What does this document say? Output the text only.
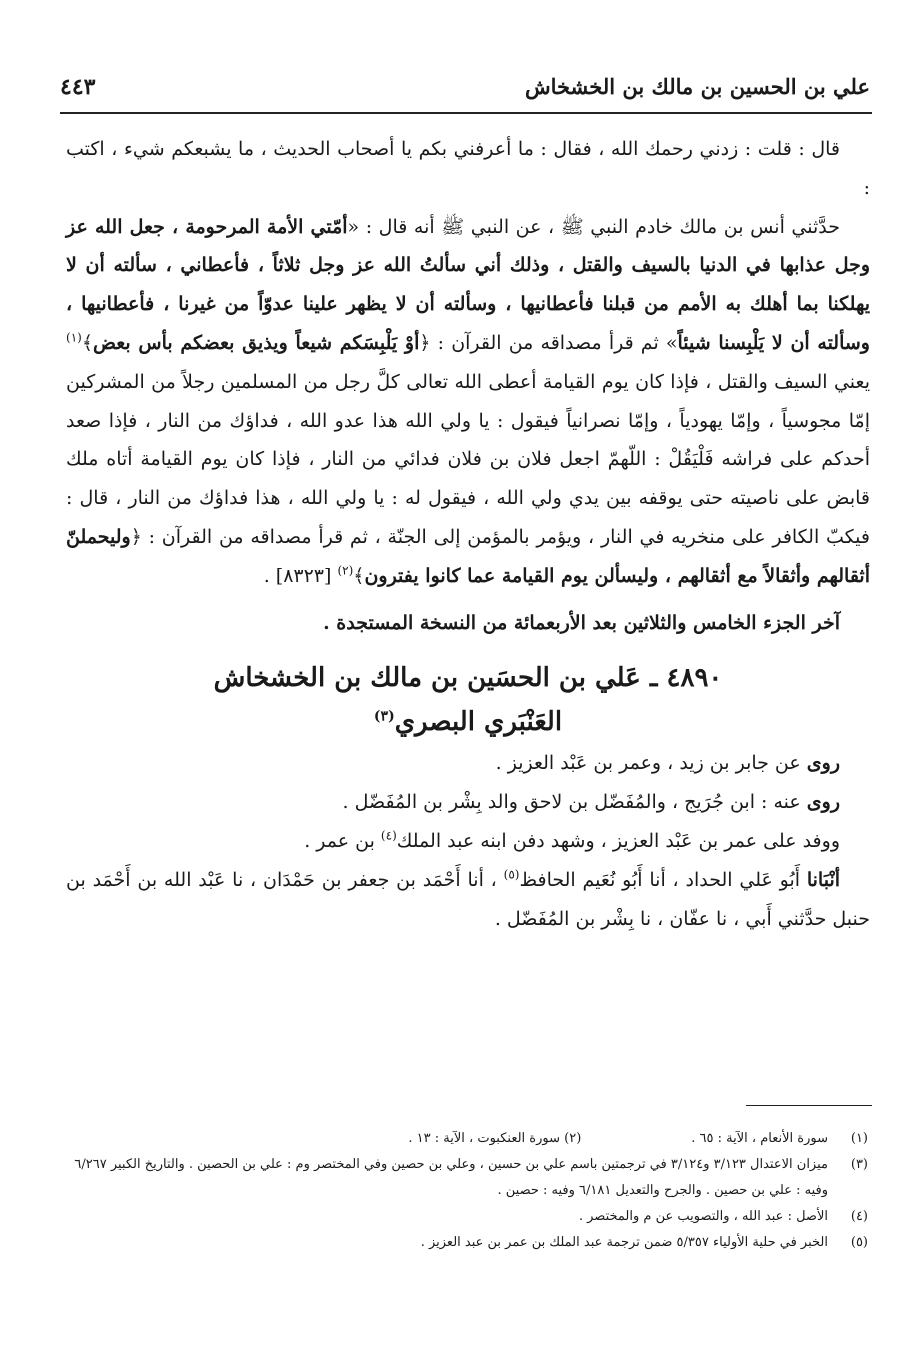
علي بن الحسين بن مالك بن الخشخاش
٤٤٣

قال : قلت : زدني رحمك الله ، فقال : ما أعرفني بكم يا أصحاب الحديث ، ما يشبعكم شيء ، اكتب :

حدَّثني أنس بن مالك خادم النبي ﷺ ، عن النبي ﷺ أنه قال : «أمّتي الأمة المرحومة ، جعل الله عز وجل عذابها في الدنيا بالسيف والقتل ، وذلك أني سألتُ الله عز وجل ثلاثاً ، فأعطاني ، سألته أن لا يهلكنا بما أهلك به الأمم من قبلنا فأعطانيها ، وسألته أن لا يظهر علينا عدوّاً من غيرنا ، فأعطانيها ، وسألته أن لا يَلْبِسنا شيئاً» ثم قرأ مصداقه من القرآن : ﴿أوْ يَلْبِسَكم شيعاً ويذيق بعضكم بأس بعض﴾$^{(١)}$ يعني السيف والقتل ، فإذا كان يوم القيامة أعطى الله تعالى كلَّ رجل من المسلمين رجلاً من المشركين إمّا مجوسياً ، وإمّا يهودياً ، وإمّا نصرانياً فيقول : يا ولي الله هذا عدو الله ، فداؤك من النار ، فإذا صعد أحدكم على فراشه فَلْيَقُلْ : اللّهمّ اجعل فلان بن فلان فدائي من النار ، فإذا كان يوم القيامة أتاه ملك قابض على ناصيته حتى يوقفه بين يدي ولي الله ، فيقول له : يا ولي الله ، هذا فداؤك من النار ، قال : فيكبّ الكافر على منخريه في النار ، ويؤمر بالمؤمن إلى الجنّة ، ثم قرأ مصداقه من القرآن : ﴿وليحملنّ أثقالهم وأثقالاً مع أثقالهم ، وليسألن يوم القيامة عما كانوا يفترون﴾$^{(٢)}$ [٨٣٢٣] .

آخر الجزء الخامس والثلاثين بعد الأربعمائة من النسخة المستجدة .

٤٨٩٠ ـ عَلي بن الحسَين بن مالك بن الخشخاش
العَنْبَري البصري$^{(٣)}$

روى عن جابر بن زيد ، وعمر بن عَبْد العزيز .

روى عنه : ابن جُرَيج ، والمُفَضّل بن لاحق والد بِشْر بن المُفَضّل .

ووفد على عمر بن عَبْد العزيز ، وشهد دفن ابنه عبد الملك$^{(٤)}$ بن عمر .

أنْبَانا أَبُو عَلي الحداد ، أنا أَبُو نُعَيم الحافظ$^{(٥)}$ ، أنا أَحْمَد بن جعفر بن حَمْدَان ، نا عَبْد الله بن أَحْمَد بن حنبل حدَّثني أَبي ، نا عفّان ، نا بِشْر بن المُفَضّل .

(١)
سورة الأنعام ، الآية : ٦٥ .(٢) سورة العنكبوت ، الآية : ١٣ .

(٣)
ميزان الاعتدال ٣/١٢٣ و٣/١٢٤ في ترجمتين باسم علي بن حسين ، وعلي بن حصين وفي المختصر وم : علي بن الحصين . والتاريخ الكبير ٦/٢٦٧ وفيه : علي بن حصين . والجرح والتعديل ٦/١٨١ وفيه : حصين .

(٤)
الأصل : عبد الله ، والتصويب عن م والمختصر .

(٥)
الخبر في حلية الأولياء ٥/٣٥٧ ضمن ترجمة عبد الملك بن عمر بن عبد العزيز .
